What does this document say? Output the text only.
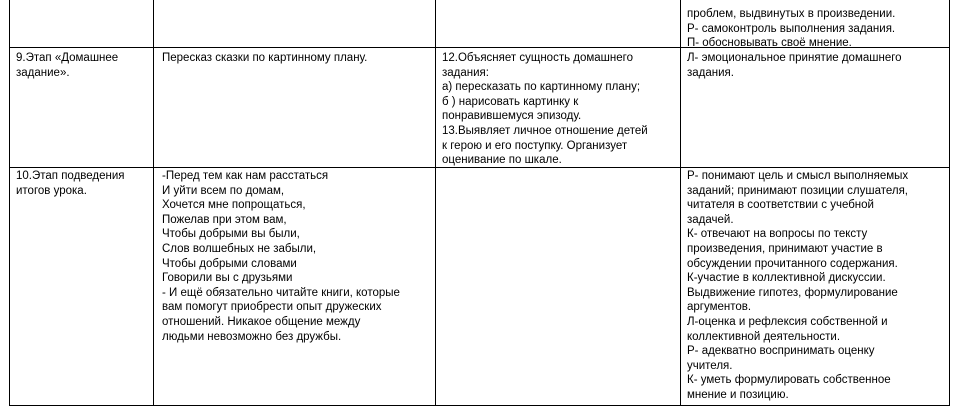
проблем, выдвинутых в произведении.
Р- самоконтроль выполнения задания.
П- обосновывать своё мнение.
9.Этап «Домашнее
задание».
Пересказ сказки по картинному плану.	12.Объясняет сущность домашнего
задания:
а) пересказать по картинному плану;
б ) нарисовать картинку к
понравившемуся эпизоду.
13.Выявляет личное отношение детей
к герою и его поступку. Организует
оценивание по шкале.
Л- эмоциональное принятие домашнего
задания.
10.Этап подведения
итогов урока.
-Перед тем как нам расстаться
И уйти всем по домам,
Хочется мне попрощаться,
Пожелав при этом вам,
Чтобы добрыми вы были,
Слов волшебных не забыли,
Чтобы добрыми словами
Говорили вы с друзьями
- И ещё обязательно читайте книги, которые
вам помогут приобрести опыт дружеских
отношений. Никакое общение между
людьми невозможно без дружбы.
Р- понимают цель и смысл выполняемых
заданий; принимают позиции слушателя,
читателя в соответствии с учебной
задачей.
К- отвечают на вопросы по тексту
произведения, принимают участие в
обсуждении прочитанного содержания.
К-участие в коллективной дискуссии.
Выдвижение гипотез, формулирование
аргументов.
Л-оценка и рефлексия собственной и
коллективной деятельности.
Р- адекватно воспринимать оценку
учителя.
К- уметь формулировать собственное
мнение и позицию.
